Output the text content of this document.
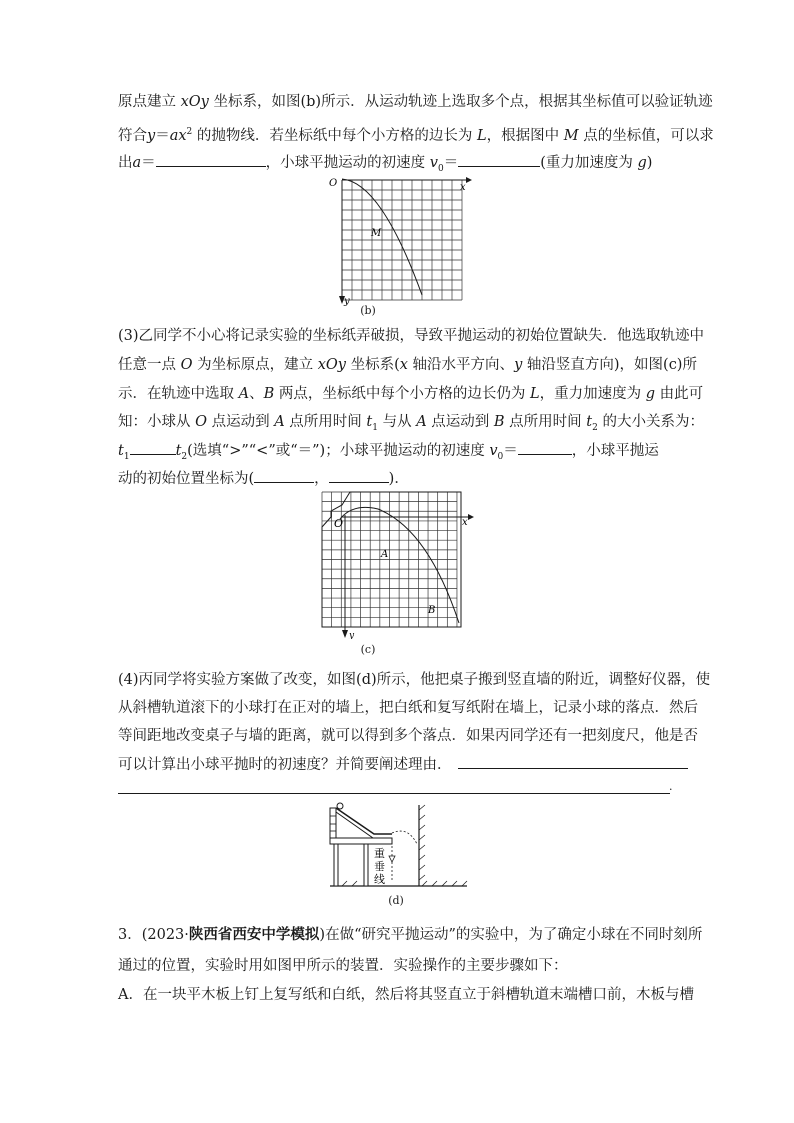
原点建立 xOy 坐标系，如图(b)所示．从运动轨迹上选取多个点，根据其坐标值可以验证轨迹
符合$y=ax^2$ 的抛物线．若坐标纸中每个小方格的边长为 L，根据图中 M 点的坐标值，可以求
出a＝	，小球平抛运动的初速度 $v_0=$	(重力加速度为 g)
O	x
y
M
(b)
(3)乙同学不小心将记录实验的坐标纸弄破损，导致平抛运动的初始位置缺失．他选取轨迹中
任意一点 O 为坐标原点，建立 xOy 坐标系(x 轴沿水平方向、y 轴沿竖直方向)，如图(c)所
示．在轨迹中选取 A、B 两点，坐标纸中每个小方格的边长仍为 L，重力加速度为 g 由此可
知：小球从 O 点运动到 A 点所用时间 $t_1$ 与从 A 点运动到 B 点所用时间 $t_2$ 的大小关系为：
$t_1$	$t_2$(选填“>”“<”或“＝”)；小球平抛运动的初速度 $v_0=$	，小球平抛运
动的初始位置坐标为(	，	)．
O	x
y
A
B
(c)
(4)丙同学将实验方案做了改变，如图(d)所示，他把桌子搬到竖直墙的附近，调整好仪器，使
从斜槽轨道滚下的小球打在正对的墙上，把白纸和复写纸附在墙上，记录小球的落点．然后
等间距地改变桌子与墙的距离，就可以得到多个落点．如果丙同学还有一把刻度尺，他是否
可以计算出小球平抛时的初速度？并简要阐述理由．
.
重
垂
线
(d)
3．(2023·陕西省西安中学模拟)在做“研究平抛运动”的实验中，为了确定小球在不同时刻所
通过的位置，实验时用如图甲所示的装置．实验操作的主要步骤如下：
A．在一块平木板上钉上复写纸和白纸，然后将其竖直立于斜槽轨道末端槽口前，木板与槽
